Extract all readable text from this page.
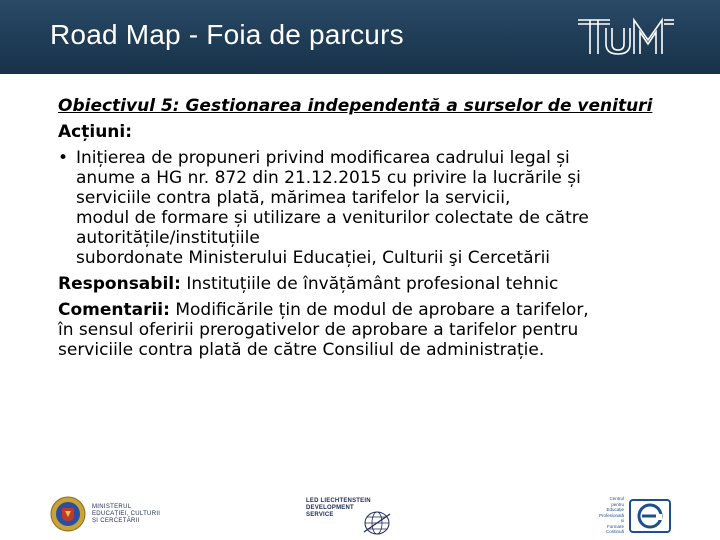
Road Map - Foia de parcurs
Obiectivul 5: Gestionarea independentă a surselor de venituri
Acțiuni:
• Inițierea de propuneri privind modificarea cadrului legal și
anume a HG nr. 872 din 21.12.2015 cu privire la lucrările și
serviciile contra plată, mărimea tarifelor la servicii,
modul de formare și utilizare a veniturilor colectate de către
autoritățile/instituțiile
subordonate Ministerului Educației, Culturii şi Cercetării
Responsabil: Instituțiile de învățământ profesional tehnic
Comentarii: Modificările țin de modul de aprobare a tarifelor,
în sensul oferirii prerogativelor de aprobare a tarifelor pentru
serviciile contra plată de către Consiliul de administrație.
MINISTERUL
EDUCAȚIEI, CULTURII
ȘI CERCETĂRII
LED LIECHTENSTEIN
DEVELOPMENT
SERVICE
Centrul
pentru
Educație
Profesională
și
Formare
Continuă
